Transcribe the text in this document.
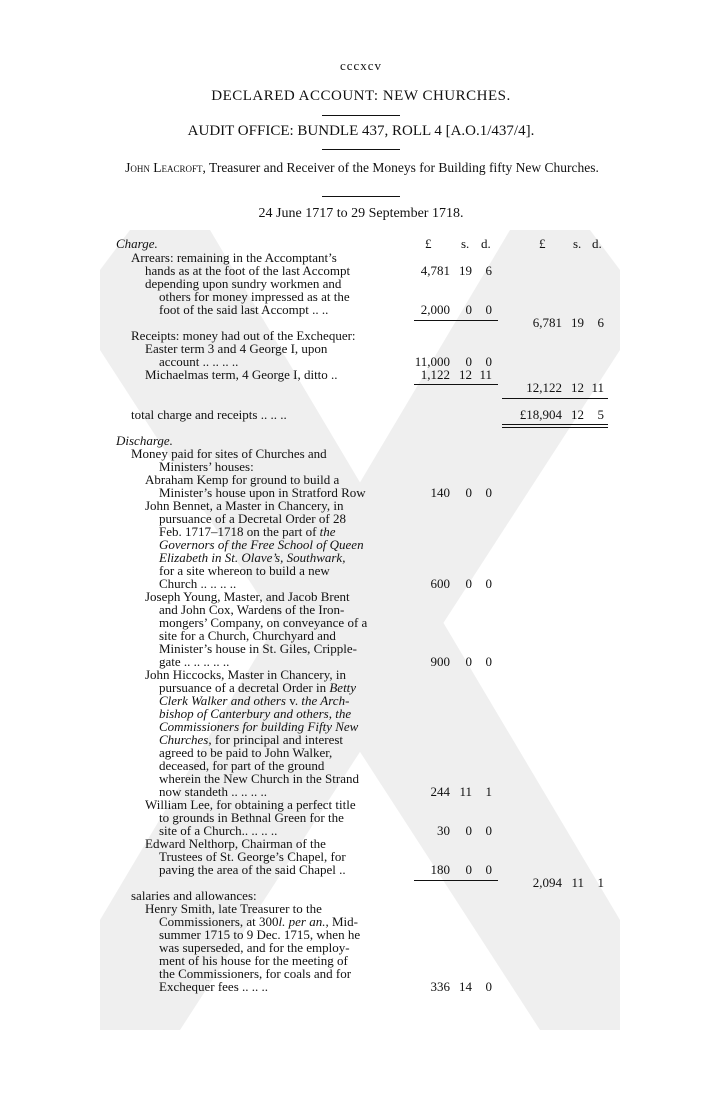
cccxcv
DECLARED ACCOUNT: NEW CHURCHES.
AUDIT OFFICE: BUNDLE 437, ROLL 4 [A.O.1/437/4].
John Leacroft, Treasurer and Receiver of the Moneys for Building fifty New Churches.
24 June 1717 to 29 September 1718.
£ s. d.	£ s. d.
Charge.
Arrears: remaining in the Accomptant’s
hands as at the foot of the last Accompt	4,781 19	6
depending upon sundry workmen and
others for money impressed as at the
foot of the said last Accompt .. ..	2,000	0	0
6,781 19	6
Receipts: money had out of the Exchequer:
Easter term 3 and 4 George I, upon
account .. .. .. ..	11,000	0	0
Michaelmas term, 4 George I, ditto ..	1,122 12 11
12,122 12 11
total charge and receipts .. .. ..	£18,904 12	5
Discharge.
Money paid for sites of Churches and
Ministers’ houses:
Abraham Kemp for ground to build a
Minister’s house upon in Stratford Row	140	0	0
John Bennet, a Master in Chancery, in
pursuance of a Decretal Order of 28
Feb. 1717–1718 on the part of the
Governors of the Free School of Queen
Elizabeth in St. Olave’s, Southwark,
for a site whereon to build a new
Church .. .. .. ..	600	0	0
Joseph Young, Master, and Jacob Brent
and John Cox, Wardens of the Iron-
mongers’ Company, on conveyance of a
site for a Church, Churchyard and
Minister’s house in St. Giles, Cripple-
gate .. .. .. .. ..	900	0	0
John Hiccocks, Master in Chancery, in
pursuance of a decretal Order in Betty
Clerk Walker and others v. the Arch-
bishop of Canterbury and others, the
Commissioners for building Fifty New
Churches, for principal and interest
agreed to be paid to John Walker,
deceased, for part of the ground
wherein the New Church in the Strand
now standeth .. .. .. ..	244 11	1
William Lee, for obtaining a perfect title
to grounds in Bethnal Green for the
site of a Church.. .. .. ..	30	0	0
Edward Nelthorp, Chairman of the
Trustees of St. George’s Chapel, for
paving the area of the said Chapel ..	180	0	0
2,094 11	1
salaries and allowances:
Henry Smith, late Treasurer to the
Commissioners, at 300l. per an., Mid-
summer 1715 to 9 Dec. 1715, when he
was superseded, and for the employ-
ment of his house for the meeting of
the Commissioners, for coals and for
Exchequer fees .. .. ..	336 14	0
